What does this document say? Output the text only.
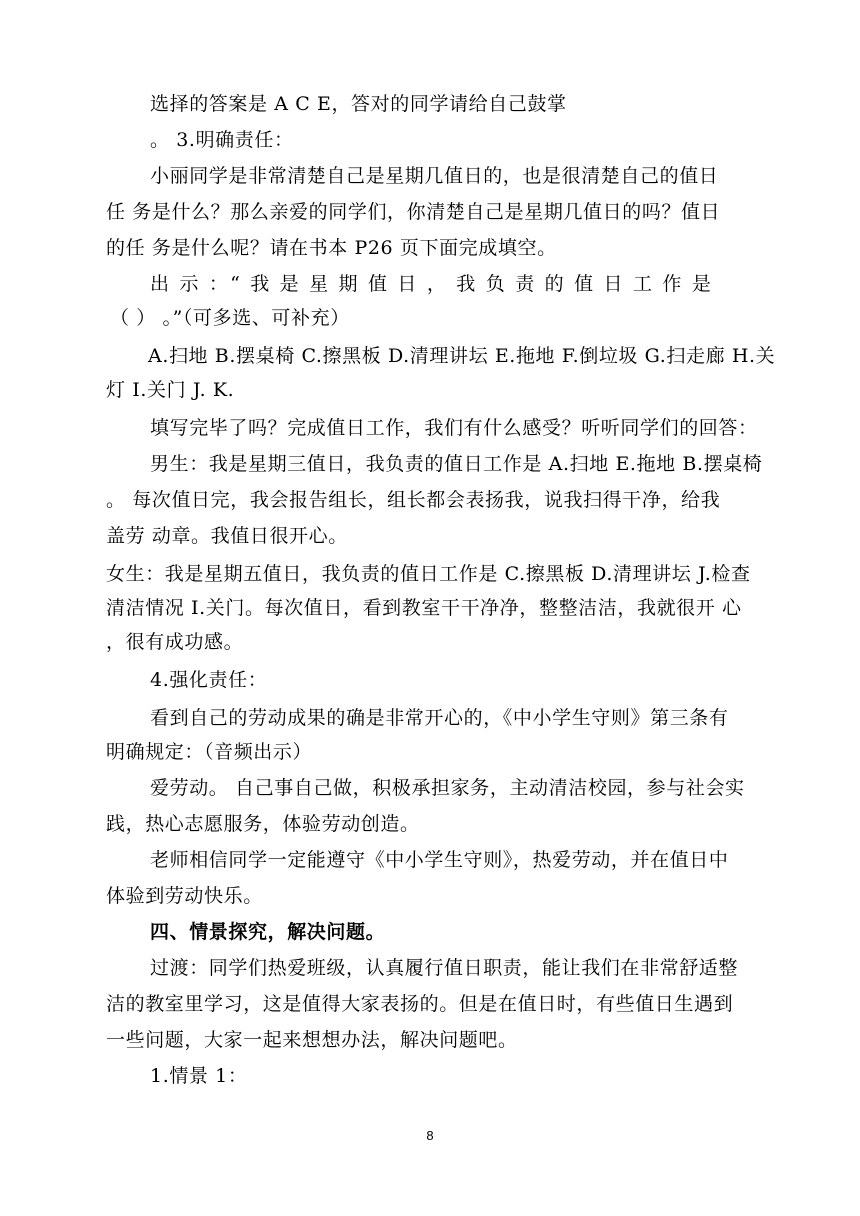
选择的答案是 A C E，答对的同学请给自己鼓掌
。 3.明确责任：
小丽同学是非常清楚自己是星期几值日的，也是很清楚自己的值日
任 务是什么？那么亲爱的同学们，你清楚自己是星期几值日的吗？值日
的任 务是什么呢？请在书本 P26 页下面完成填空。
出 示 ：“ 我 是 星 期 值 日 ， 我 负 责 的 值 日 工 作 是
（ ） 。”（可多选、可补充）
A.扫地 B.摆桌椅 C.擦黑板 D.清理讲坛 E.拖地 F.倒垃圾 G.扫走廊 H.关
灯 I.关门 J. K.
填写完毕了吗？完成值日工作，我们有什么感受？听听同学们的回答：
男生：我是星期三值日，我负责的值日工作是 A.扫地 E.拖地 B.摆桌椅
。 每次值日完，我会报告组长，组长都会表扬我，说我扫得干净，给我
盖劳 动章。我值日很开心。
女生：我是星期五值日，我负责的值日工作是 C.擦黑板 D.清理讲坛 J.检查
清洁情况 I.关门。每次值日，看到教室干干净净，整整洁洁，我就很开 心
，很有成功感。
4.强化责任：
看到自己的劳动成果的确是非常开心的，《中小学生守则》第三条有
明确规定：（音频出示）
爱劳动。 自己事自己做，积极承担家务，主动清洁校园，参与社会实
践，热心志愿服务，体验劳动创造。
老师相信同学一定能遵守《中小学生守则》，热爱劳动，并在值日中
体验到劳动快乐。
四、情景探究，解决问题。
过渡：同学们热爱班级，认真履行值日职责，能让我们在非常舒适整
洁的教室里学习，这是值得大家表扬的。但是在值日时，有些值日生遇到
一些问题，大家一起来想想办法，解决问题吧。
1.情景 1：
8
